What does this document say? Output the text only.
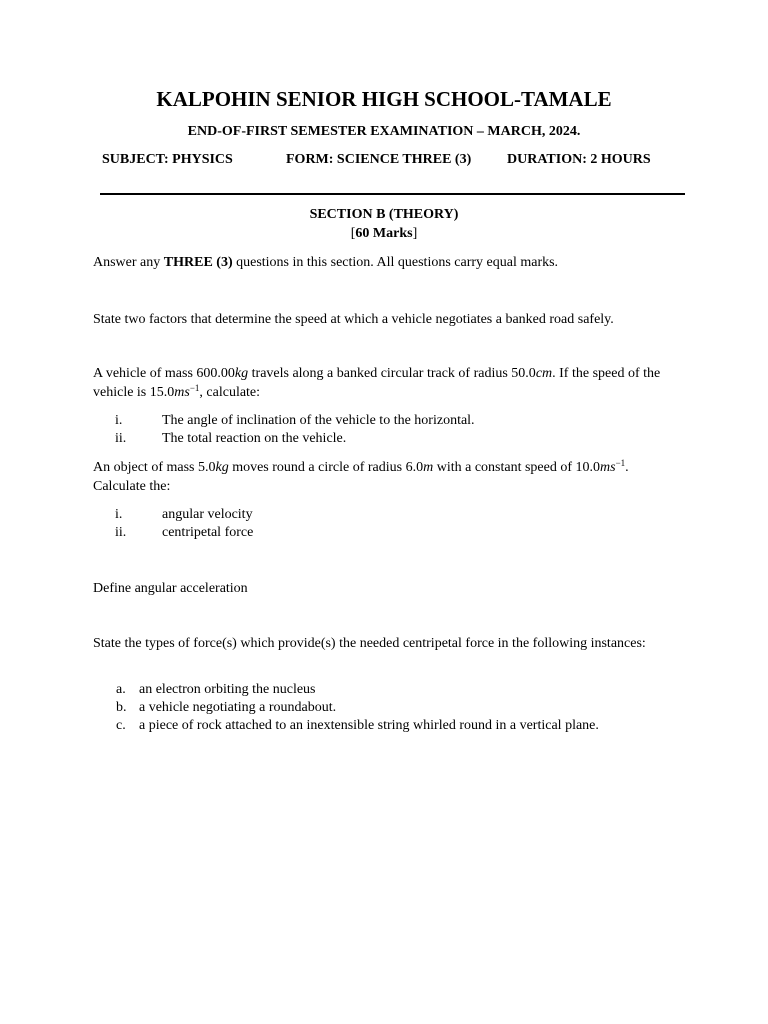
KALPOHIN SENIOR HIGH SCHOOL-TAMALE
END-OF-FIRST SEMESTER EXAMINATION – MARCH, 2024.
SUBJECT: PHYSICS	FORM: SCIENCE THREE (3)	DURATION: 2 HOURS
SECTION B (THEORY)
[60 Marks]
Answer any THREE (3) questions in this section. All questions carry equal marks.
State two factors that determine the speed at which a vehicle negotiates a banked road safely.
A vehicle of mass 600.00kg travels along a banked circular track of radius 50.0cm. If the speed of the vehicle is $15.0ms^{-1}$, calculate:
i.	The angle of inclination of the vehicle to the horizontal.
ii.	The total reaction on the vehicle.
An object of mass 5.0kg moves round a circle of radius 6.0m with a constant speed of $10.0ms^{-1}$. Calculate the:
i.	angular velocity
ii.	centripetal force
Define angular acceleration
State the types of force(s) which provide(s) the needed centripetal force in the following instances:
a. an electron orbiting the nucleus
b. a vehicle negotiating a roundabout.
c. a piece of rock attached to an inextensible string whirled round in a vertical plane.
